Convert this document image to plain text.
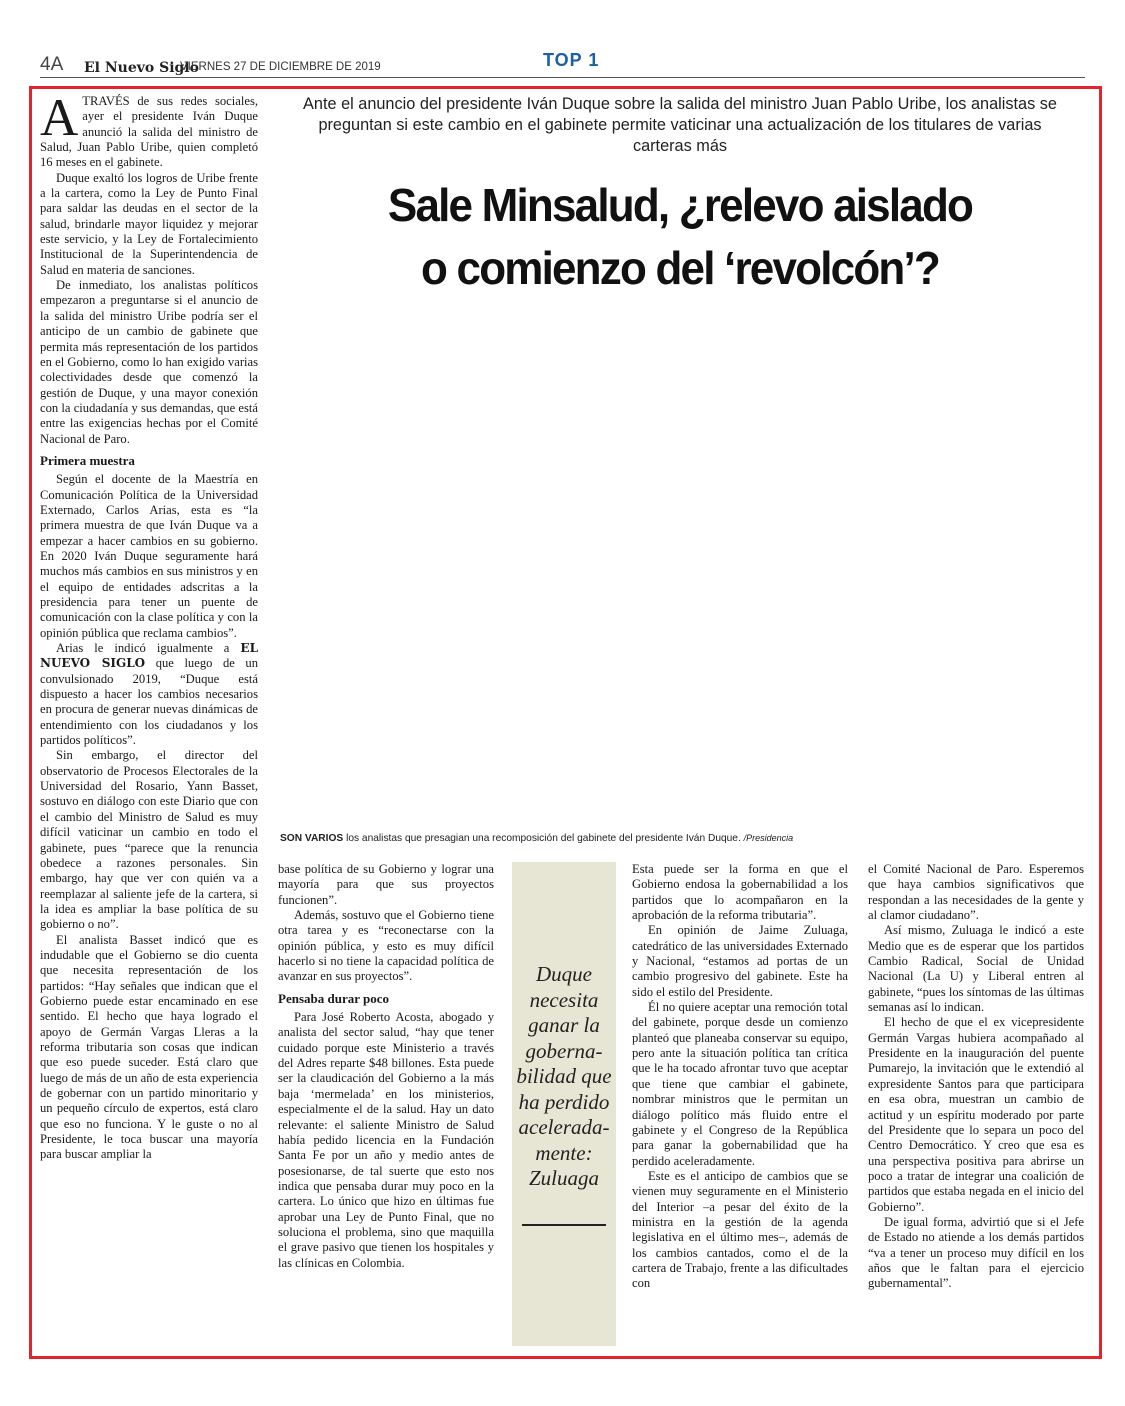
4A El Nuevo Siglo
VIERNES 27 DE DICIEMBRE DE 2019	TOP 1

ATRAVÉS de sus redes sociales, ayer el presidente Iván Duque anunció la salida del ministro de Salud, Juan Pablo Uribe, quien completó 16 meses en el gabinete.

Duque exaltó los logros de Uribe frente a la cartera, como la Ley de Punto Final para saldar las deudas en el sector de la salud, brindarle mayor liquidez y mejorar este servicio, y la Ley de Fortalecimiento Institucional de la Superintendencia de Salud en materia de sanciones.

De inmediato, los analistas políticos empezaron a preguntarse si el anuncio de la salida del ministro Uribe podría ser el anticipo de un cambio de gabinete que permita más representación de los partidos en el Gobierno, como lo han exigido varias colectividades desde que comenzó la gestión de Duque, y una mayor conexión con la ciudadanía y sus demandas, que está entre las exigencias hechas por el Comité Nacional de Paro.

Primera muestra

Según el docente de la Maestría en Comunicación Política de la Universidad Externado, Carlos Arias, esta es “la primera muestra de que Iván Duque va a empezar a hacer cambios en su gobierno. En 2020 Iván Duque seguramente hará muchos más cambios en sus ministros y en el equipo de entidades adscritas a la presidencia para tener un puente de comunicación con la clase política y con la opinión pública que reclama cambios”.

Arias le indicó igualmente a EL NUEVO SIGLO que luego de un convulsionado 2019, “Duque está dispuesto a hacer los cambios necesarios en procura de generar nuevas dinámicas de entendimiento con los ciudadanos y los partidos políticos”.

Sin embargo, el director del observatorio de Procesos Electorales de la Universidad del Rosario, Yann Basset, sostuvo en diálogo con este Diario que con el cambio del Ministro de Salud es muy difícil vaticinar un cambio en todo el gabinete, pues “parece que la renuncia obedece a razones personales. Sin embargo, hay que ver con quién va a reemplazar al saliente jefe de la cartera, si la idea es ampliar la base política de su gobierno o no”.

El analista Basset indicó que es indudable que el Gobierno se dio cuenta que necesita representación de los partidos: “Hay señales que indican que el Gobierno puede estar encaminado en ese sentido. El hecho que haya logrado el apoyo de Germán Vargas Lleras a la reforma tributaria son cosas que indican que eso puede suceder. Está claro que luego de más de un año de esta experiencia de gobernar con un partido minoritario y un pequeño círculo de expertos, está claro que eso no funciona. Y le guste o no al Presidente, le toca buscar una mayoría para buscar ampliar la

El futuro
es de todos
Presidencia
de la República
Ante el anuncio del presidente Iván Duque sobre la salida del ministro Juan Pablo Uribe, los analistas se preguntan si este cambio en el gabinete permite vaticinar una actualización de los titulares de varias carteras más
Sale Minsalud, ¿relevo aislado
o comienzo del ‘revolcón’?
SON VARIOS los analistas que presagian una recomposición del gabinete del presidente Iván Duque. /Presidencia

base política de su Gobierno y lograr una mayoría para que sus proyectos funcionen”.

Además, sostuvo que el Gobierno tiene otra tarea y es “reconectarse con la opinión pública, y esto es muy difícil hacerlo si no tiene la capacidad política de avanzar en sus proyectos”.

Pensaba durar poco

Para José Roberto Acosta, abogado y analista del sector salud, “hay que tener cuidado porque este Ministerio a través del Adres reparte $48 billones. Esta puede ser la claudicación del Gobierno a la más baja ‘mermelada’ en los ministerios, especialmente el de la salud. Hay un dato relevante: el saliente Ministro de Salud había pedido licencia en la Fundación Santa Fe por un año y medio antes de posesionarse, de tal suerte que esto nos indica que pensaba durar muy poco en la cartera. Lo único que hizo en últimas fue aprobar una Ley de Punto Final, que no soluciona el problema, sino que maquilla el grave pasivo que tienen los hospitales y las clínicas en Colombia.

Duque necesita ganar la goberna-bilidad que ha perdido acelerada-mente: Zuluaga

Esta puede ser la forma en que el Gobierno endosa la gobernabilidad a los partidos que lo acompañaron en la aprobación de la reforma tributaria”.

En opinión de Jaime Zuluaga, catedrático de las universidades Externado y Nacional, “estamos ad portas de un cambio progresivo del gabinete. Este ha sido el estilo del Presidente.

Él no quiere aceptar una remoción total del gabinete, porque desde un comienzo planteó que planeaba conservar su equipo, pero ante la situación política tan crítica que le ha tocado afrontar tuvo que aceptar que tiene que cambiar el gabinete, nombrar ministros que le permitan un diálogo político más fluido entre el gabinete y el Congreso de la República para ganar la gobernabilidad que ha perdido aceleradamente.

Este es el anticipo de cambios que se vienen muy seguramente en el Ministerio del Interior –a pesar del éxito de la ministra en la gestión de la agenda legislativa en el último mes–, además de los cambios cantados, como el de la cartera de Trabajo, frente a las dificultades con

el Comité Nacional de Paro. Esperemos que haya cambios significativos que respondan a las necesidades de la gente y al clamor ciudadano”.

Así mismo, Zuluaga le indicó a este Medio que es de esperar que los partidos Cambio Radical, Social de Unidad Nacional (La U) y Liberal entren al gabinete, “pues los síntomas de las últimas semanas así lo indican.

El hecho de que el ex vicepresidente Germán Vargas hubiera acompañado al Presidente en la inauguración del puente Pumarejo, la invitación que le extendió al expresidente Santos para que participara en esa obra, muestran un cambio de actitud y un espíritu moderado por parte del Presidente que lo separa un poco del Centro Democrático. Y creo que esa es una perspectiva positiva para abrirse un poco a tratar de integrar una coalición de partidos que estaba negada en el inicio del Gobierno”.

De igual forma, advirtió que si el Jefe de Estado no atiende a los demás partidos “va a tener un proceso muy difícil en los años que le faltan para el ejercicio gubernamental”.
